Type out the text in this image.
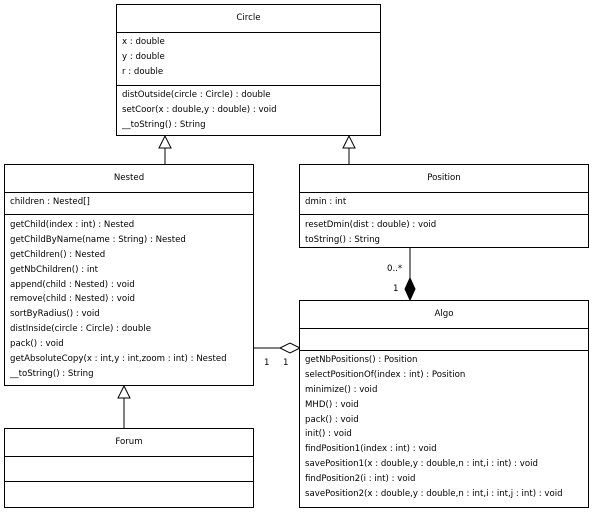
Circle
x : double
y : double
r : double
distOutside(circle : Circle) : double
setCoor(x : double,y : double) : void
__toString() : String
Nested
children : Nested[]
getChild(index : int) : Nested
getChildByName(name : String) : Nested
getChildren() : Nested
getNbChildren() : int
append(child : Nested) : void
remove(child : Nested) : void
sortByRadius() : void
distInside(circle : Circle) : double
pack() : void
getAbsoluteCopy(x : int,y : int,zoom : int) : Nested
__toString() : String
Position
dmin : int
resetDmin(dist : double) : void
toString() : String
Algo
getNbPositions() : Position
selectPositionOf(index : int) : Position
minimize() : void
MHD() : void
pack() : void
init() : void
findPosition1(index : int) : void
savePosition1(x : double,y : double,n : int,i : int) : void
findPosition2(i : int) : void
savePosition2(x : double,y : double,n : int,i : int,j : int) : void
Forum
0..*
1
1 1
